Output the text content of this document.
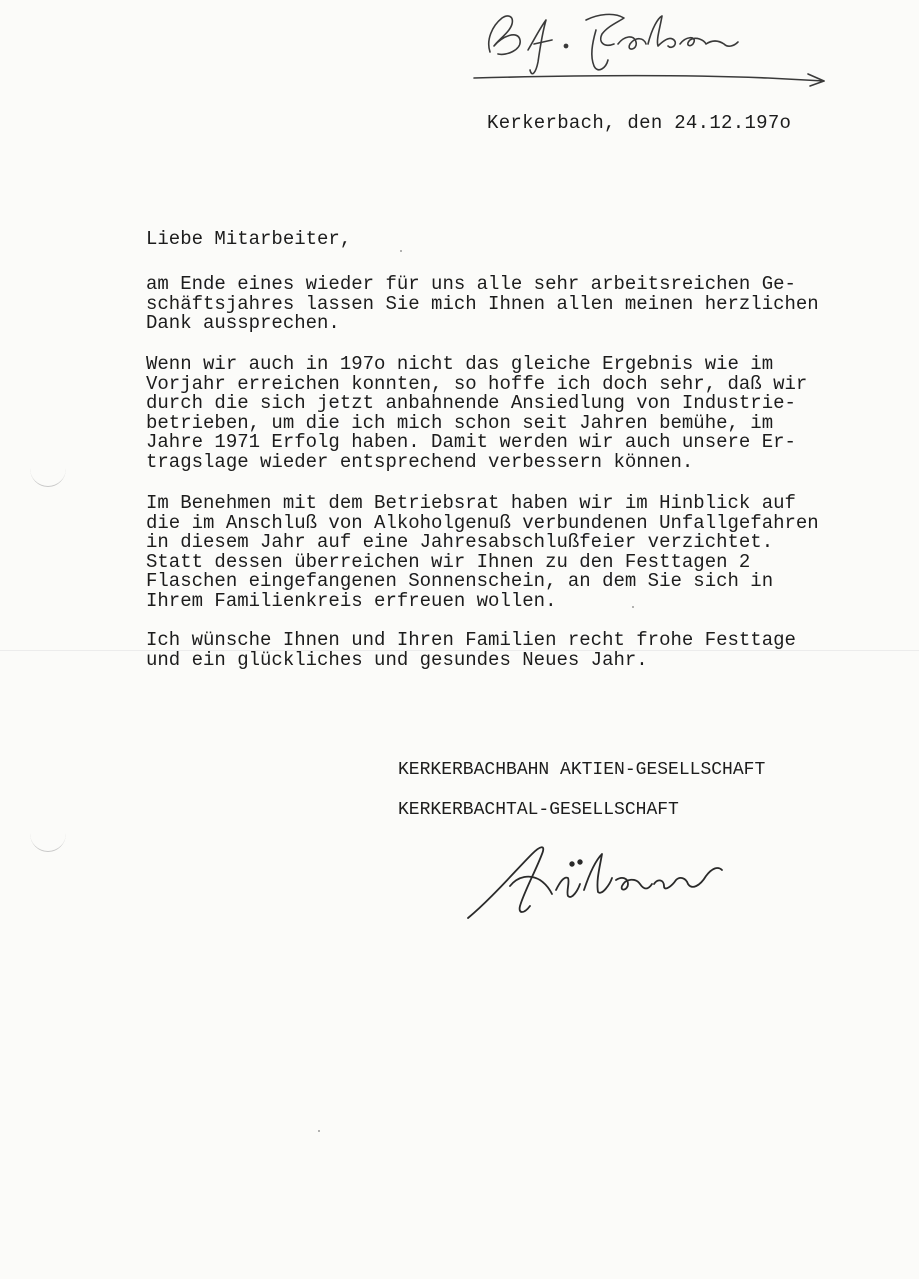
Kerkerbach, den 24.12.197o
Liebe Mitarbeiter,

am Ende eines wieder für uns alle sehr arbeitsreichen Ge-
schäftsjahres lassen Sie mich Ihnen allen meinen herzlichen
Dank aussprechen.

Wenn wir auch in 197o nicht das gleiche Ergebnis wie im
Vorjahr erreichen konnten, so hoffe ich doch sehr, daß wir
durch die sich jetzt anbahnende Ansiedlung von Industrie-
betrieben, um die ich mich schon seit Jahren bemühe, im
Jahre 1971 Erfolg haben. Damit werden wir auch unsere Er-
tragslage wieder entsprechend verbessern können.

Im Benehmen mit dem Betriebsrat haben wir im Hinblick auf
die im Anschluß von Alkoholgenuß verbundenen Unfallgefahren
in diesem Jahr auf eine Jahresabschlußfeier verzichtet.
Statt dessen überreichen wir Ihnen zu den Festtagen 2
Flaschen eingefangenen Sonnenschein, an dem Sie sich in
Ihrem Familienkreis erfreuen wollen.

Ich wünsche Ihnen und Ihren Familien recht frohe Festtage
und ein glückliches und gesundes Neues Jahr.

KERKERBACHBAHN AKTIEN-GESELLSCHAFT
KERKERBACHTAL-GESELLSCHAFT
